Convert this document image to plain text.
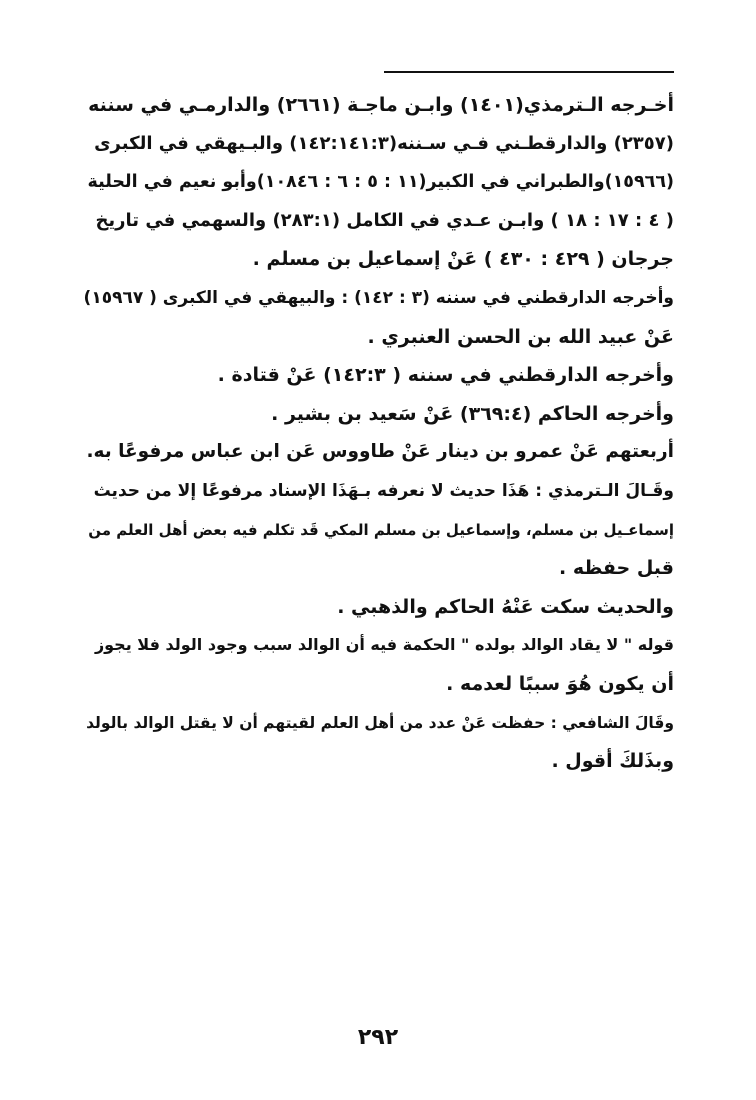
أخـرجه الـترمذي(١٤٠١) وابـن ماجـة (٢٦٦١) والدارمـي في سننه
(٢٣٥٧) والدارقطـني فـي سـننه(١٤٢:١٤١:٣) والبـيهقي في الكبرى
(١٥٩٦٦)والطبراني في الكبير(١١ : ٥ : ٦ : ١٠٨٤٦)وأبو نعيم في الحلية
( ٤ : ١٧ : ١٨ ) وابـن عـدي في الكامل (٢٨٣:١) والسهمي في تاريخ
جرجان ( ٤٢٩ : ٤٣٠ ) عَنْ إسماعيل بن مسلم .
وأخرجه الدارقطني في سننه (٣ : ١٤٢) : والبيهقي في الكبرى ( ١٥٩٦٧)
عَنْ عبيد الله بن الحسن العنبري .
وأخرجه الدارقطني في سننه ( ١٤٢:٣) عَنْ قتادة .
وأخرجه الحاكم (٣٦٩:٤) عَنْ سَعيد بن بشير .
أربعتهم عَنْ عمرو بن دينار عَنْ طاووس عَن ابن عباس مرفوعًا به.
وقَـالَ الـترمذي : هَذَا حديث لا نعرفه بـهَذَا الإسناد مرفوعًا إلا من حديث
إسماعـيل بن مسلم، وإسماعيل بن مسلم المكي قَد تكلم فيه بعض أهل العلم من
قبل حفظه .
والحديث سكت عَنْهُ الحاكم والذهبي .
قوله " لا يقاد الوالد بولده " الحكمة فيه أن الوالد سبب وجود الولد فلا يجوز
أن يكون هُوَ سببًا لعدمه .
وقَالَ الشافعي : حفظت عَنْ عدد من أهل العلم لقيتهم أن لا يقتل الوالد بالولد
وبذَلكَ أقول .
٢٩٢
